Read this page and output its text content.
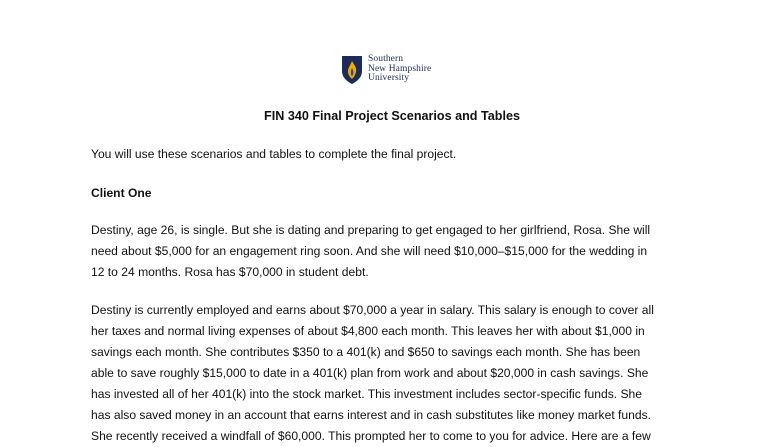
Southern
New Hampshire
University
FIN 340 Final Project Scenarios and Tables

You will use these scenarios and tables to complete the final project.

Client One

Destiny, age 26, is single. But she is dating and preparing to get engaged to her girlfriend, Rosa. She will
need about $5,000 for an engagement ring soon. And she will need $10,000–$15,000 for the wedding in
12 to 24 months. Rosa has $70,000 in student debt.

Destiny is currently employed and earns about $70,000 a year in salary. This salary is enough to cover all
her taxes and normal living expenses of about $4,800 each month. This leaves her with about $1,000 in
savings each month. She contributes $350 to a 401(k) and $650 to savings each month. She has been
able to save roughly $15,000 to date in a 401(k) plan from work and about $20,000 in cash savings. She
has invested all of her 401(k) into the stock market. This investment includes sector-specific funds. She
has also saved money in an account that earns interest and in cash substitutes like money market funds.
She recently received a windfall of $60,000. This prompted her to come to you for advice. Here are a few
